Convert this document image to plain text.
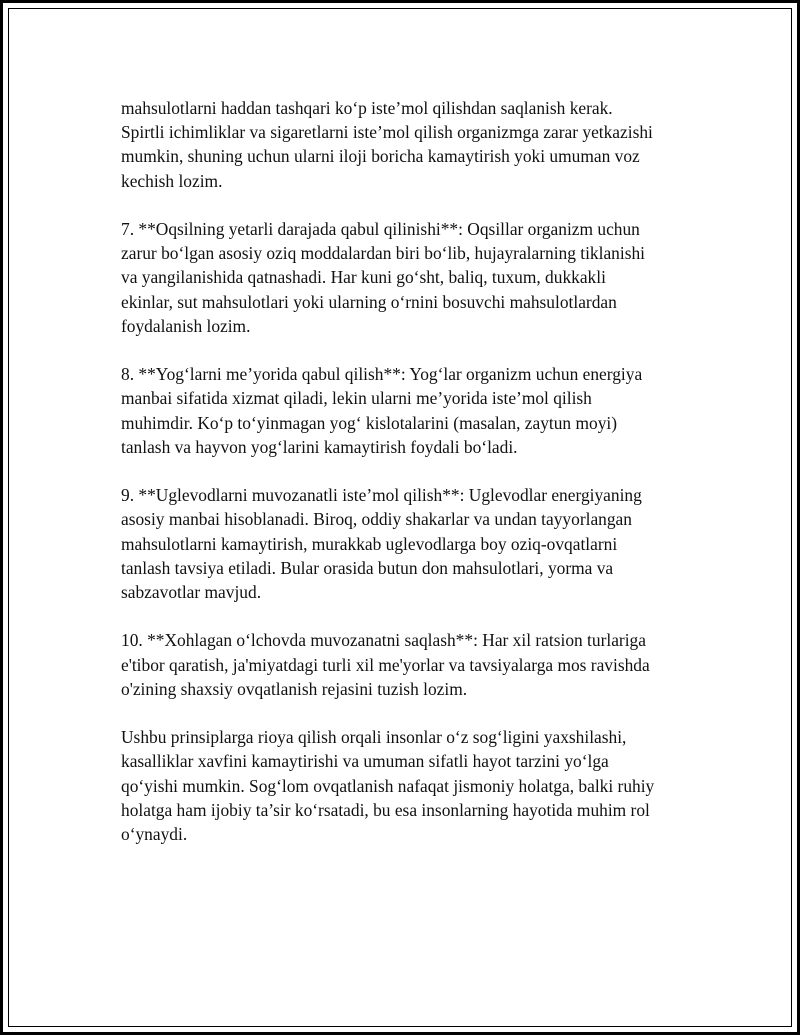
mahsulotlarni haddan tashqari ko‘p iste’mol qilishdan saqlanish kerak.
Spirtli ichimliklar va sigaretlarni iste’mol qilish organizmga zarar yetkazishi
mumkin, shuning uchun ularni iloji boricha kamaytirish yoki umuman voz
kechish lozim.

7. **Oqsilning yetarli darajada qabul qilinishi**: Oqsillar organizm uchun
zarur bo‘lgan asosiy oziq moddalardan biri bo‘lib, hujayralarning tiklanishi
va yangilanishida qatnashadi. Har kuni go‘sht, baliq, tuxum, dukkakli
ekinlar, sut mahsulotlari yoki ularning o‘rnini bosuvchi mahsulotlardan
foydalanish lozim.

8. **Yog‘larni me’yorida qabul qilish**: Yog‘lar organizm uchun energiya
manbai sifatida xizmat qiladi, lekin ularni me’yorida iste’mol qilish
muhimdir. Ko‘p to‘yinmagan yog‘ kislotalarini (masalan, zaytun moyi)
tanlash va hayvon yog‘larini kamaytirish foydali bo‘ladi.

9. **Uglevodlarni muvozanatli iste’mol qilish**: Uglevodlar energiyaning
asosiy manbai hisoblanadi. Biroq, oddiy shakarlar va undan tayyorlangan
mahsulotlarni kamaytirish, murakkab uglevodlarga boy oziq-ovqatlarni
tanlash tavsiya etiladi. Bular orasida butun don mahsulotlari, yorma va
sabzavotlar mavjud.

10. **Xohlagan o‘lchovda muvozanatni saqlash**: Har xil ratsion turlariga
e'tibor qaratish, ja'miyatdagi turli xil me'yorlar va tavsiyalarga mos ravishda
o'zining shaxsiy ovqatlanish rejasini tuzish lozim.

Ushbu prinsiplarga rioya qilish orqali insonlar o‘z sog‘ligini yaxshilashi,
kasalliklar xavfini kamaytirishi va umuman sifatli hayot tarzini yo‘lga
qo‘yishi mumkin. Sog‘lom ovqatlanish nafaqat jismoniy holatga, balki ruhiy
holatga ham ijobiy ta’sir ko‘rsatadi, bu esa insonlarning hayotida muhim rol
o‘ynaydi.
